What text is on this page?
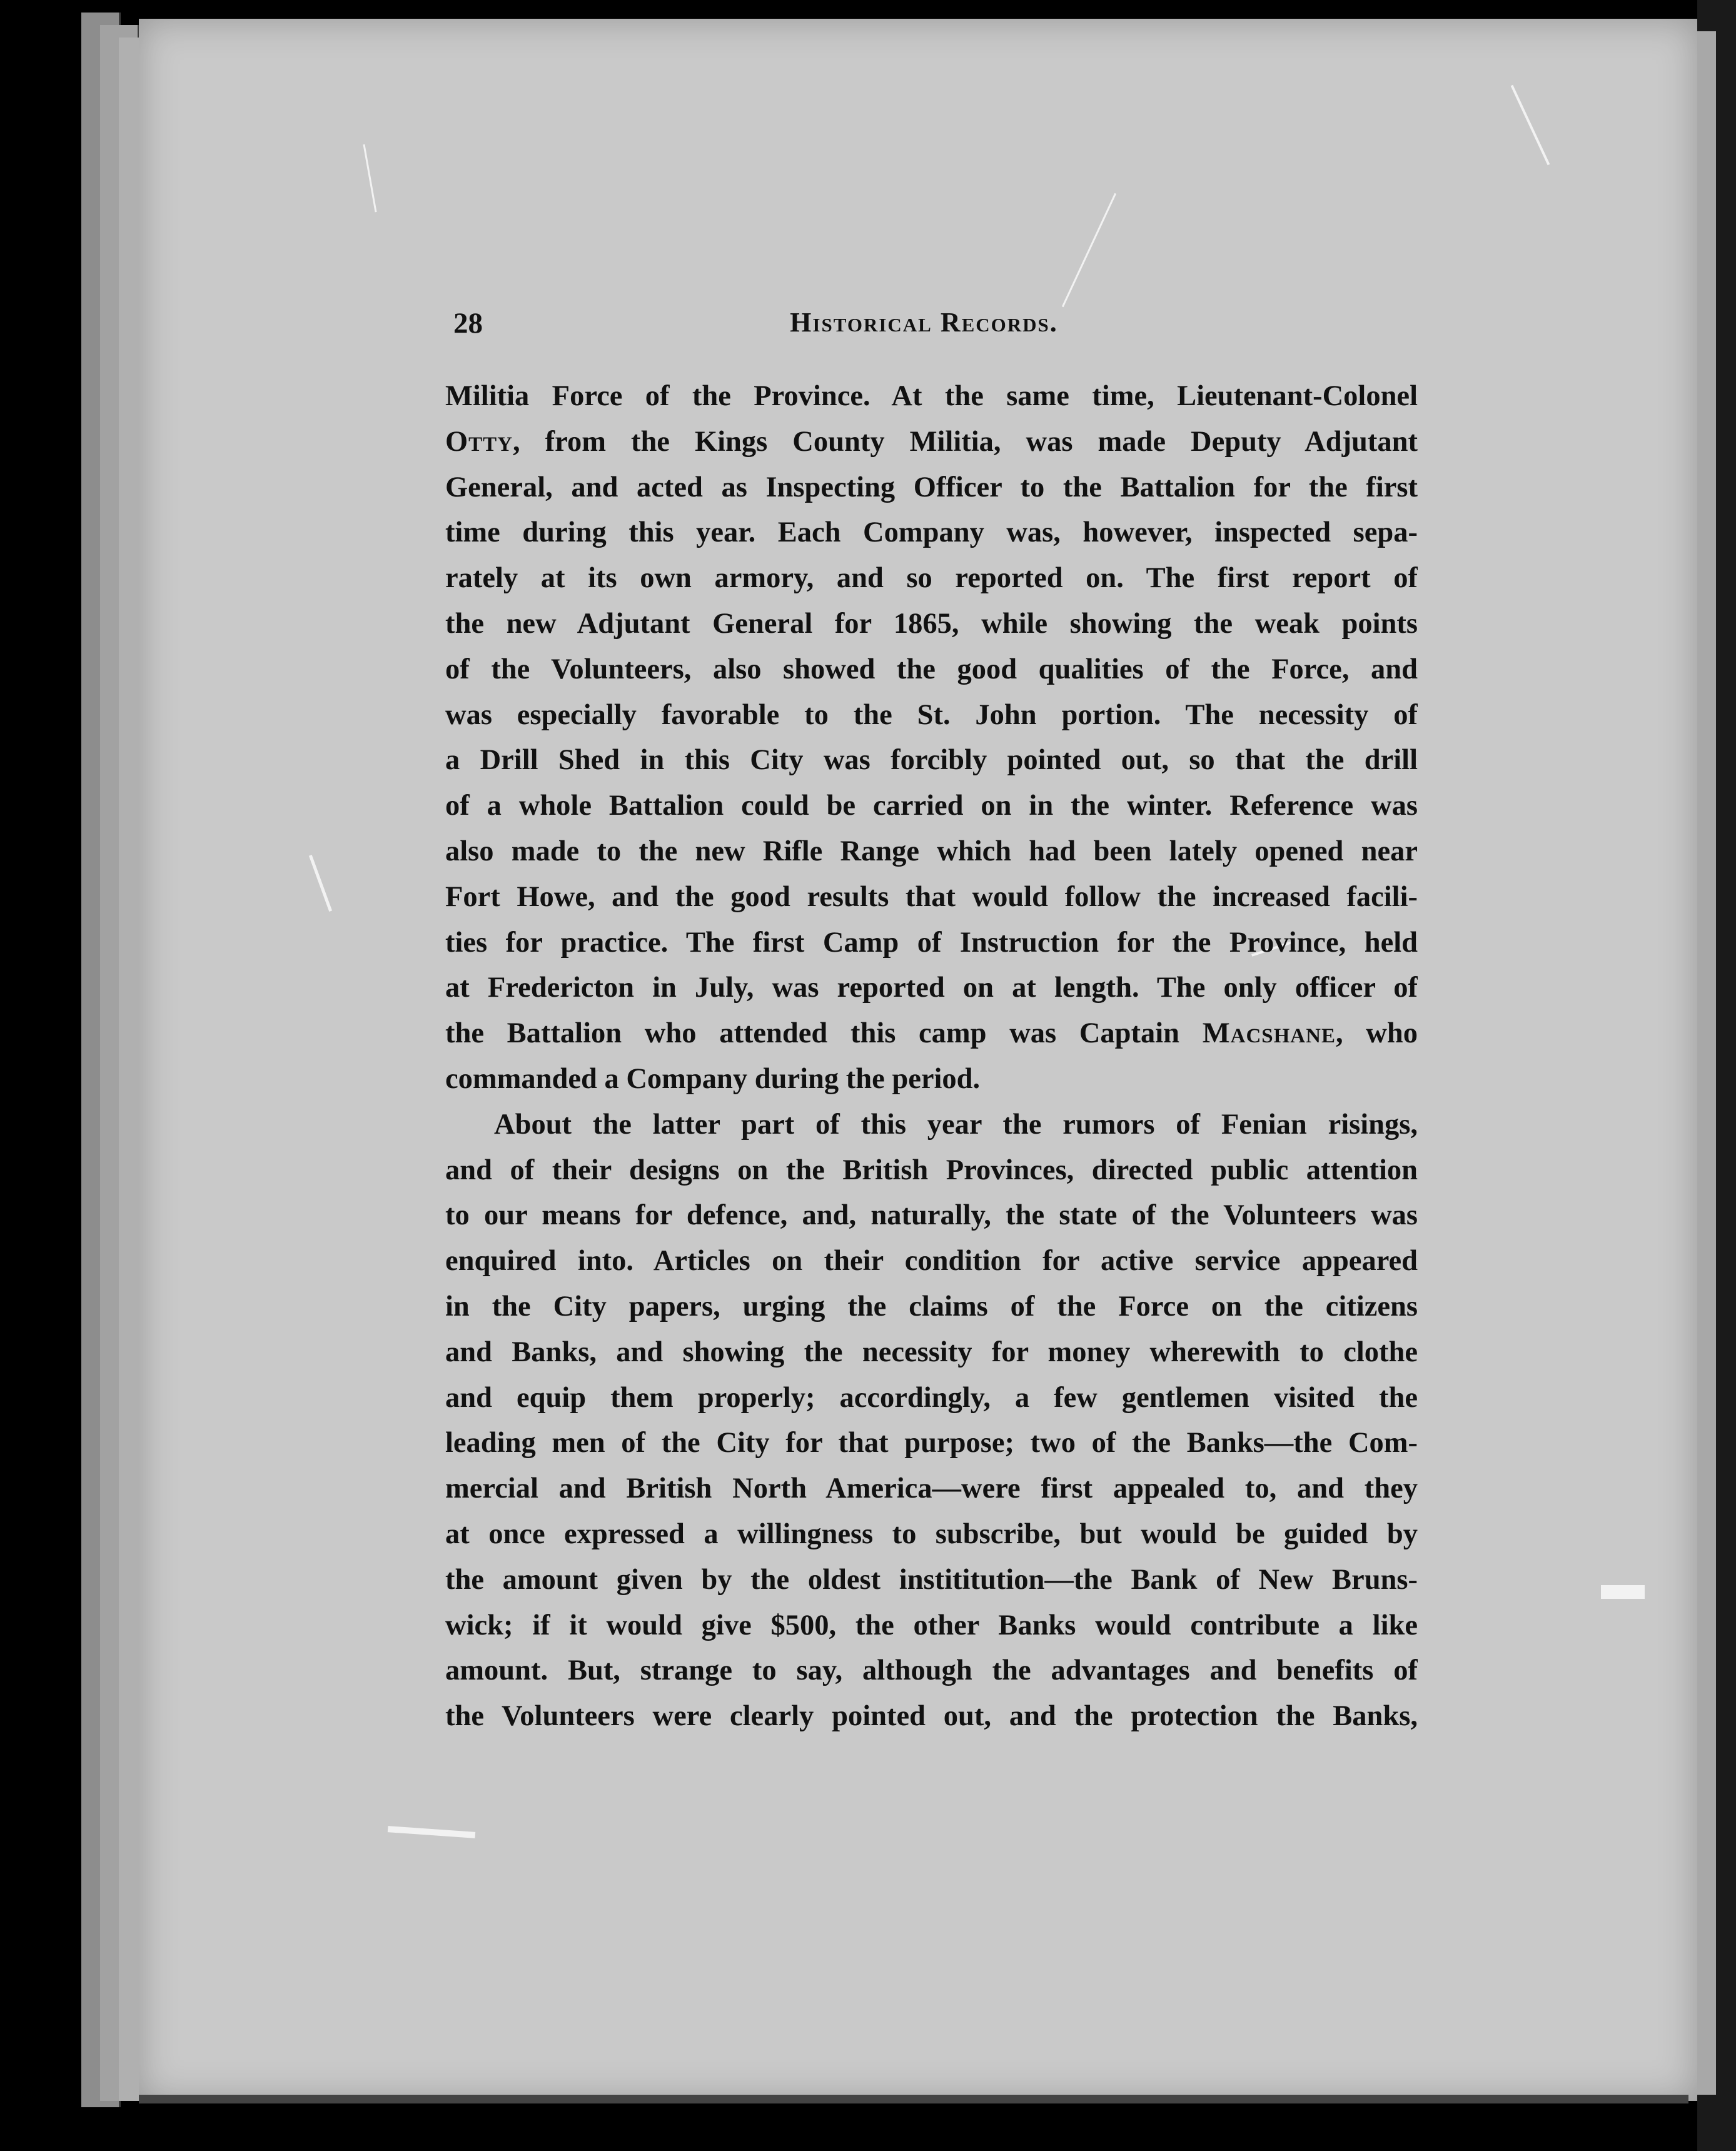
28	Historical Records.
Militia Force of the Province. At the same time, Lieutenant-Colonel
Otty, from the Kings County Militia, was made Deputy Adjutant
General, and acted as Inspecting Officer to the Battalion for the first
time during this year. Each Company was, however, inspected sepa-
rately at its own armory, and so reported on. The first report of
the new Adjutant General for 1865, while showing the weak points
of the Volunteers, also showed the good qualities of the Force, and
was especially favorable to the St. John portion. The necessity of
a Drill Shed in this City was forcibly pointed out, so that the drill
of a whole Battalion could be carried on in the winter. Reference was
also made to the new Rifle Range which had been lately opened near
Fort Howe, and the good results that would follow the increased facili-
ties for practice. The first Camp of Instruction for the Province, held
at Fredericton in July, was reported on at length. The only officer of
the Battalion who attended this camp was Captain Macshane, who
commanded a Company during the period.
About the latter part of this year the rumors of Fenian risings,
and of their designs on the British Provinces, directed public attention
to our means for defence, and, naturally, the state of the Volunteers was
enquired into. Articles on their condition for active service appeared
in the City papers, urging the claims of the Force on the citizens
and Banks, and showing the necessity for money wherewith to clothe
and equip them properly; accordingly, a few gentlemen visited the
leading men of the City for that purpose; two of the Banks—the Com-
mercial and British North America—were first appealed to, and they
at once expressed a willingness to subscribe, but would be guided by
the amount given by the oldest instititution—the Bank of New Bruns-
wick; if it would give $500, the other Banks would contribute a like
amount. But, strange to say, although the advantages and benefits of
the Volunteers were clearly pointed out, and the protection the Banks,
